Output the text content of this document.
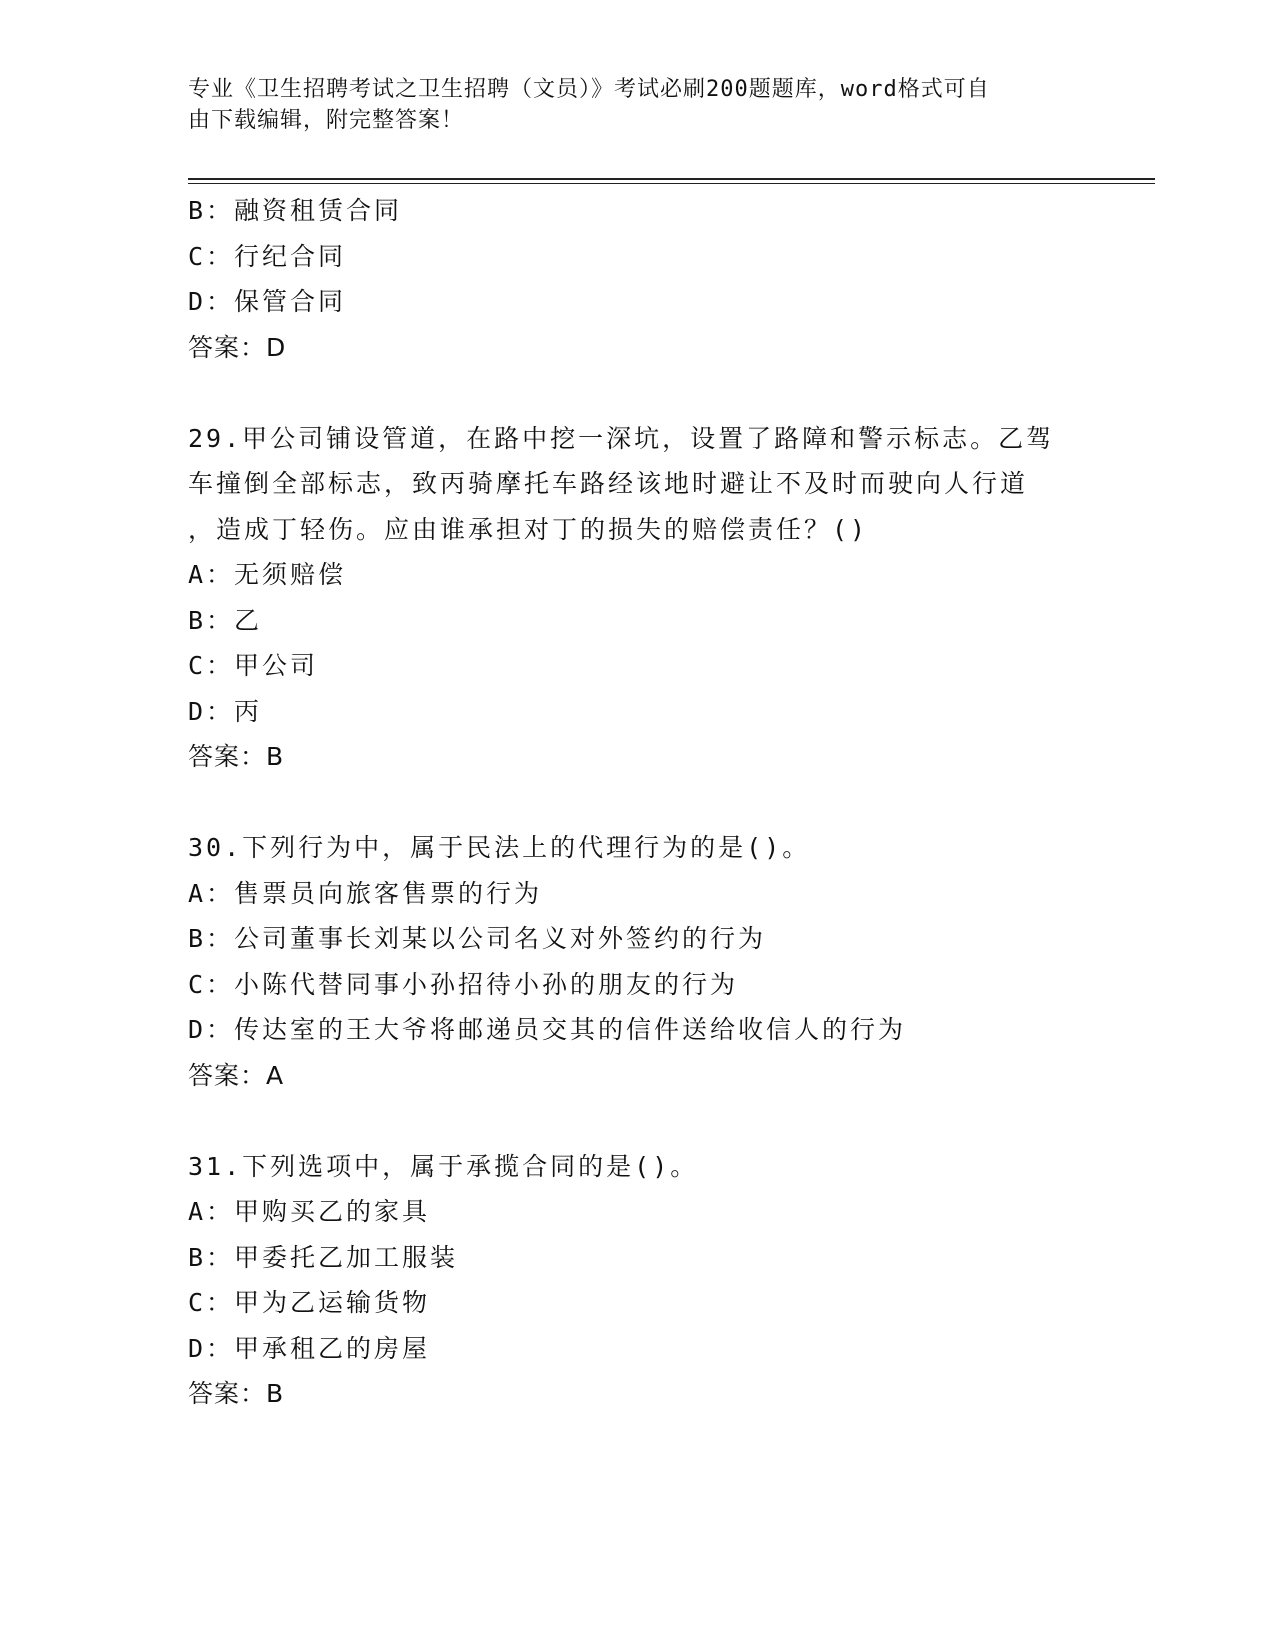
专业《卫生招聘考试之卫生招聘（文员）》考试必刷200题题库，word格式可自
由下载编辑，附完整答案！
B：融资租赁合同
C：行纪合同
D：保管合同
答案：D
29.甲公司铺设管道，在路中挖一深坑，设置了路障和警示标志。乙驾
车撞倒全部标志，致丙骑摩托车路经该地时避让不及时而驶向人行道
，造成丁轻伤。应由谁承担对丁的损失的赔偿责任？()
A：无须赔偿
B：乙
C：甲公司
D：丙
答案：B
30.下列行为中，属于民法上的代理行为的是()。
A：售票员向旅客售票的行为
B：公司董事长刘某以公司名义对外签约的行为
C：小陈代替同事小孙招待小孙的朋友的行为
D：传达室的王大爷将邮递员交其的信件送给收信人的行为
答案：A
31.下列选项中，属于承揽合同的是()。
A：甲购买乙的家具
B：甲委托乙加工服装
C：甲为乙运输货物
D：甲承租乙的房屋
答案：B
